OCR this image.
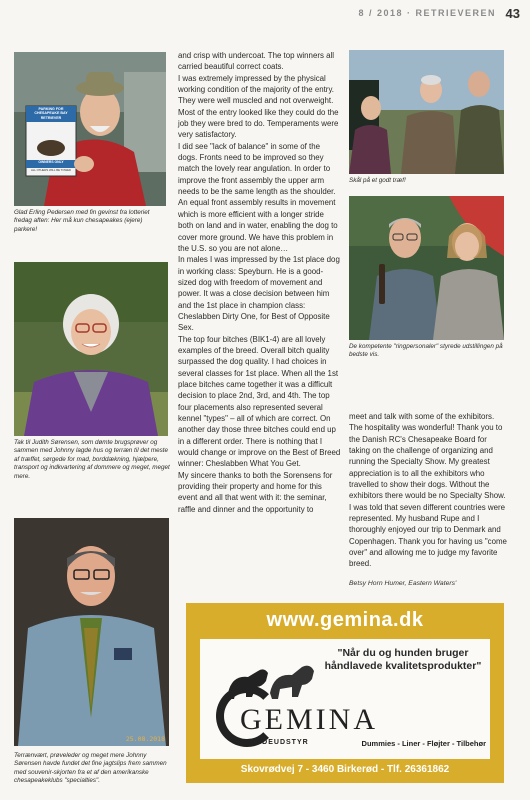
8 / 2018 · RETRIEVEREN 43
PARKING FOR
CHESAPEAKE BAY RETRIEVER
OWNERS ONLY
ALL OTHERS WILL BE TOWED
Glad Erling Pedersen med fin gevinst fra lotteriet fredag aften: Her må kun chesapeakes (ejere) parkere!
Tak til Judith Sørensen, som dømte brugsprøver og sammen med Johnny lagde hus og terræn til det meste af træffet, sørgede for mad, borddækning, hjælpere, transport og indkvartering af dommere og meget, meget mere.
25.08.2018
Terrænvært, prøveleder og meget mere Johnny Sørensen havde fundet det fine jagtslips frem sammen med souvenir-skjorten fra et af den amerikanske chesapeakeklubs "specialties".

and crisp with undercoat. The top winners all carried beautiful correct coats.

I was extremely impressed by the physical working condition of the majority of the entry. They were well muscled and not overweight. Most of the entry looked like they could do the job they were bred to do. Temperaments were very satisfactory.

I did see "lack of balance" in some of the dogs. Fronts need to be improved so they match the lovely rear angulation. In order to improve the front assembly the upper arm needs to be the same length as the shoulder. An equal front assembly results in movement which is more efficient with a longer stride both on land and in water, enabling the dog to cover more ground. We have this problem in the U.S. so you are not alone…

In males I was impressed by the 1st place dog in working class: Speyburn. He is a good-sized dog with freedom of movement and power. It was a close decision between him and the 1st place in champion class: Cheslabben Dirty One, for Best of Opposite Sex.

The top four bitches (BIK1-4) are all lovely examples of the breed. Overall bitch quality surpassed the dog quality. I had choices in several classes for 1st place. When all the 1st place bitches came together it was a difficult decision to place 2nd, 3rd, and 4th. The top four placements also represented several kennel "types" – all of which are correct. On another day those three bitches could end up in a different order. There is nothing that I would change or improve on the Best of Breed winner: Cheslabben What You Get.

My sincere thanks to both the Sorensens for providing their property and home for this event and all that went with it: the seminar, raffle and dinner and the opportunity to

Skål på et godt træf!
De kompetente "ringpersonaler" styrede udstillingen på bedste vis.

meet and talk with some of the exhibitors. The hospitality was wonderful! Thank you to the Danish RC's Chesapeake Board for taking on the challenge of organizing and running the Specialty Show. My greatest appreciation is to all the exhibitors who travelled to show their dogs. Without the exhibitors there would be no Specialty Show. I was told that seven different countries were represented. My husband Rupe and I thoroughly enjoyed our trip to Denmark and Copenhagen. Thank you for having us "come over" and allowing me to judge my favorite breed.

Betsy Horn Humer, Eastern Waters'
www.gemina.dk
"Når du og hunden bruger håndlavede kvalitetsprodukter"
GEMINA
HUNDEUDSTYR	Dummies - Liner - Fløjter - Tilbehør
Skovrødvej 7 - 3460 Birkerød - Tlf. 26361862
